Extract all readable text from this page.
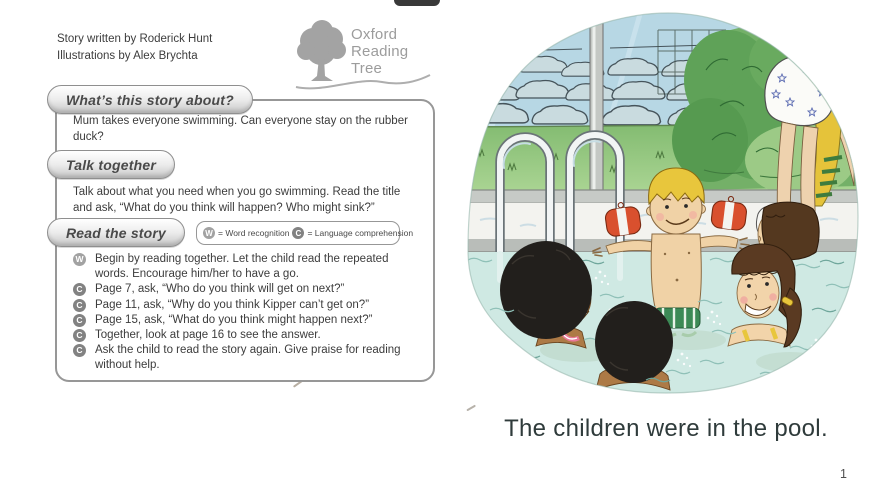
Story written by Roderick Hunt
Illustrations by Alex Brychta
Oxford
Reading
Tree
What’s this story about?
Mum takes everyone swimming. Can everyone stay on the rubber duck?
Talk together
Talk about what you need when you go swimming. Read the title and ask, “What do you think will happen? Who might sink?”
Read the story	W = Word recognition C = Language comprehension
W Begin by reading together. Let the child read the repeated words. Encourage him/her to have a go.
C Page 7, ask, “Who do you think will get on next?”
C Page 11, ask, “Why do you think Kipper can’t get on?”
C Page 15, ask, “What do you think might happen next?”
C Together, look at page 16 to see the answer.
C Ask the child to read the story again. Give praise for reading without help.
The children were in the pool.
1
